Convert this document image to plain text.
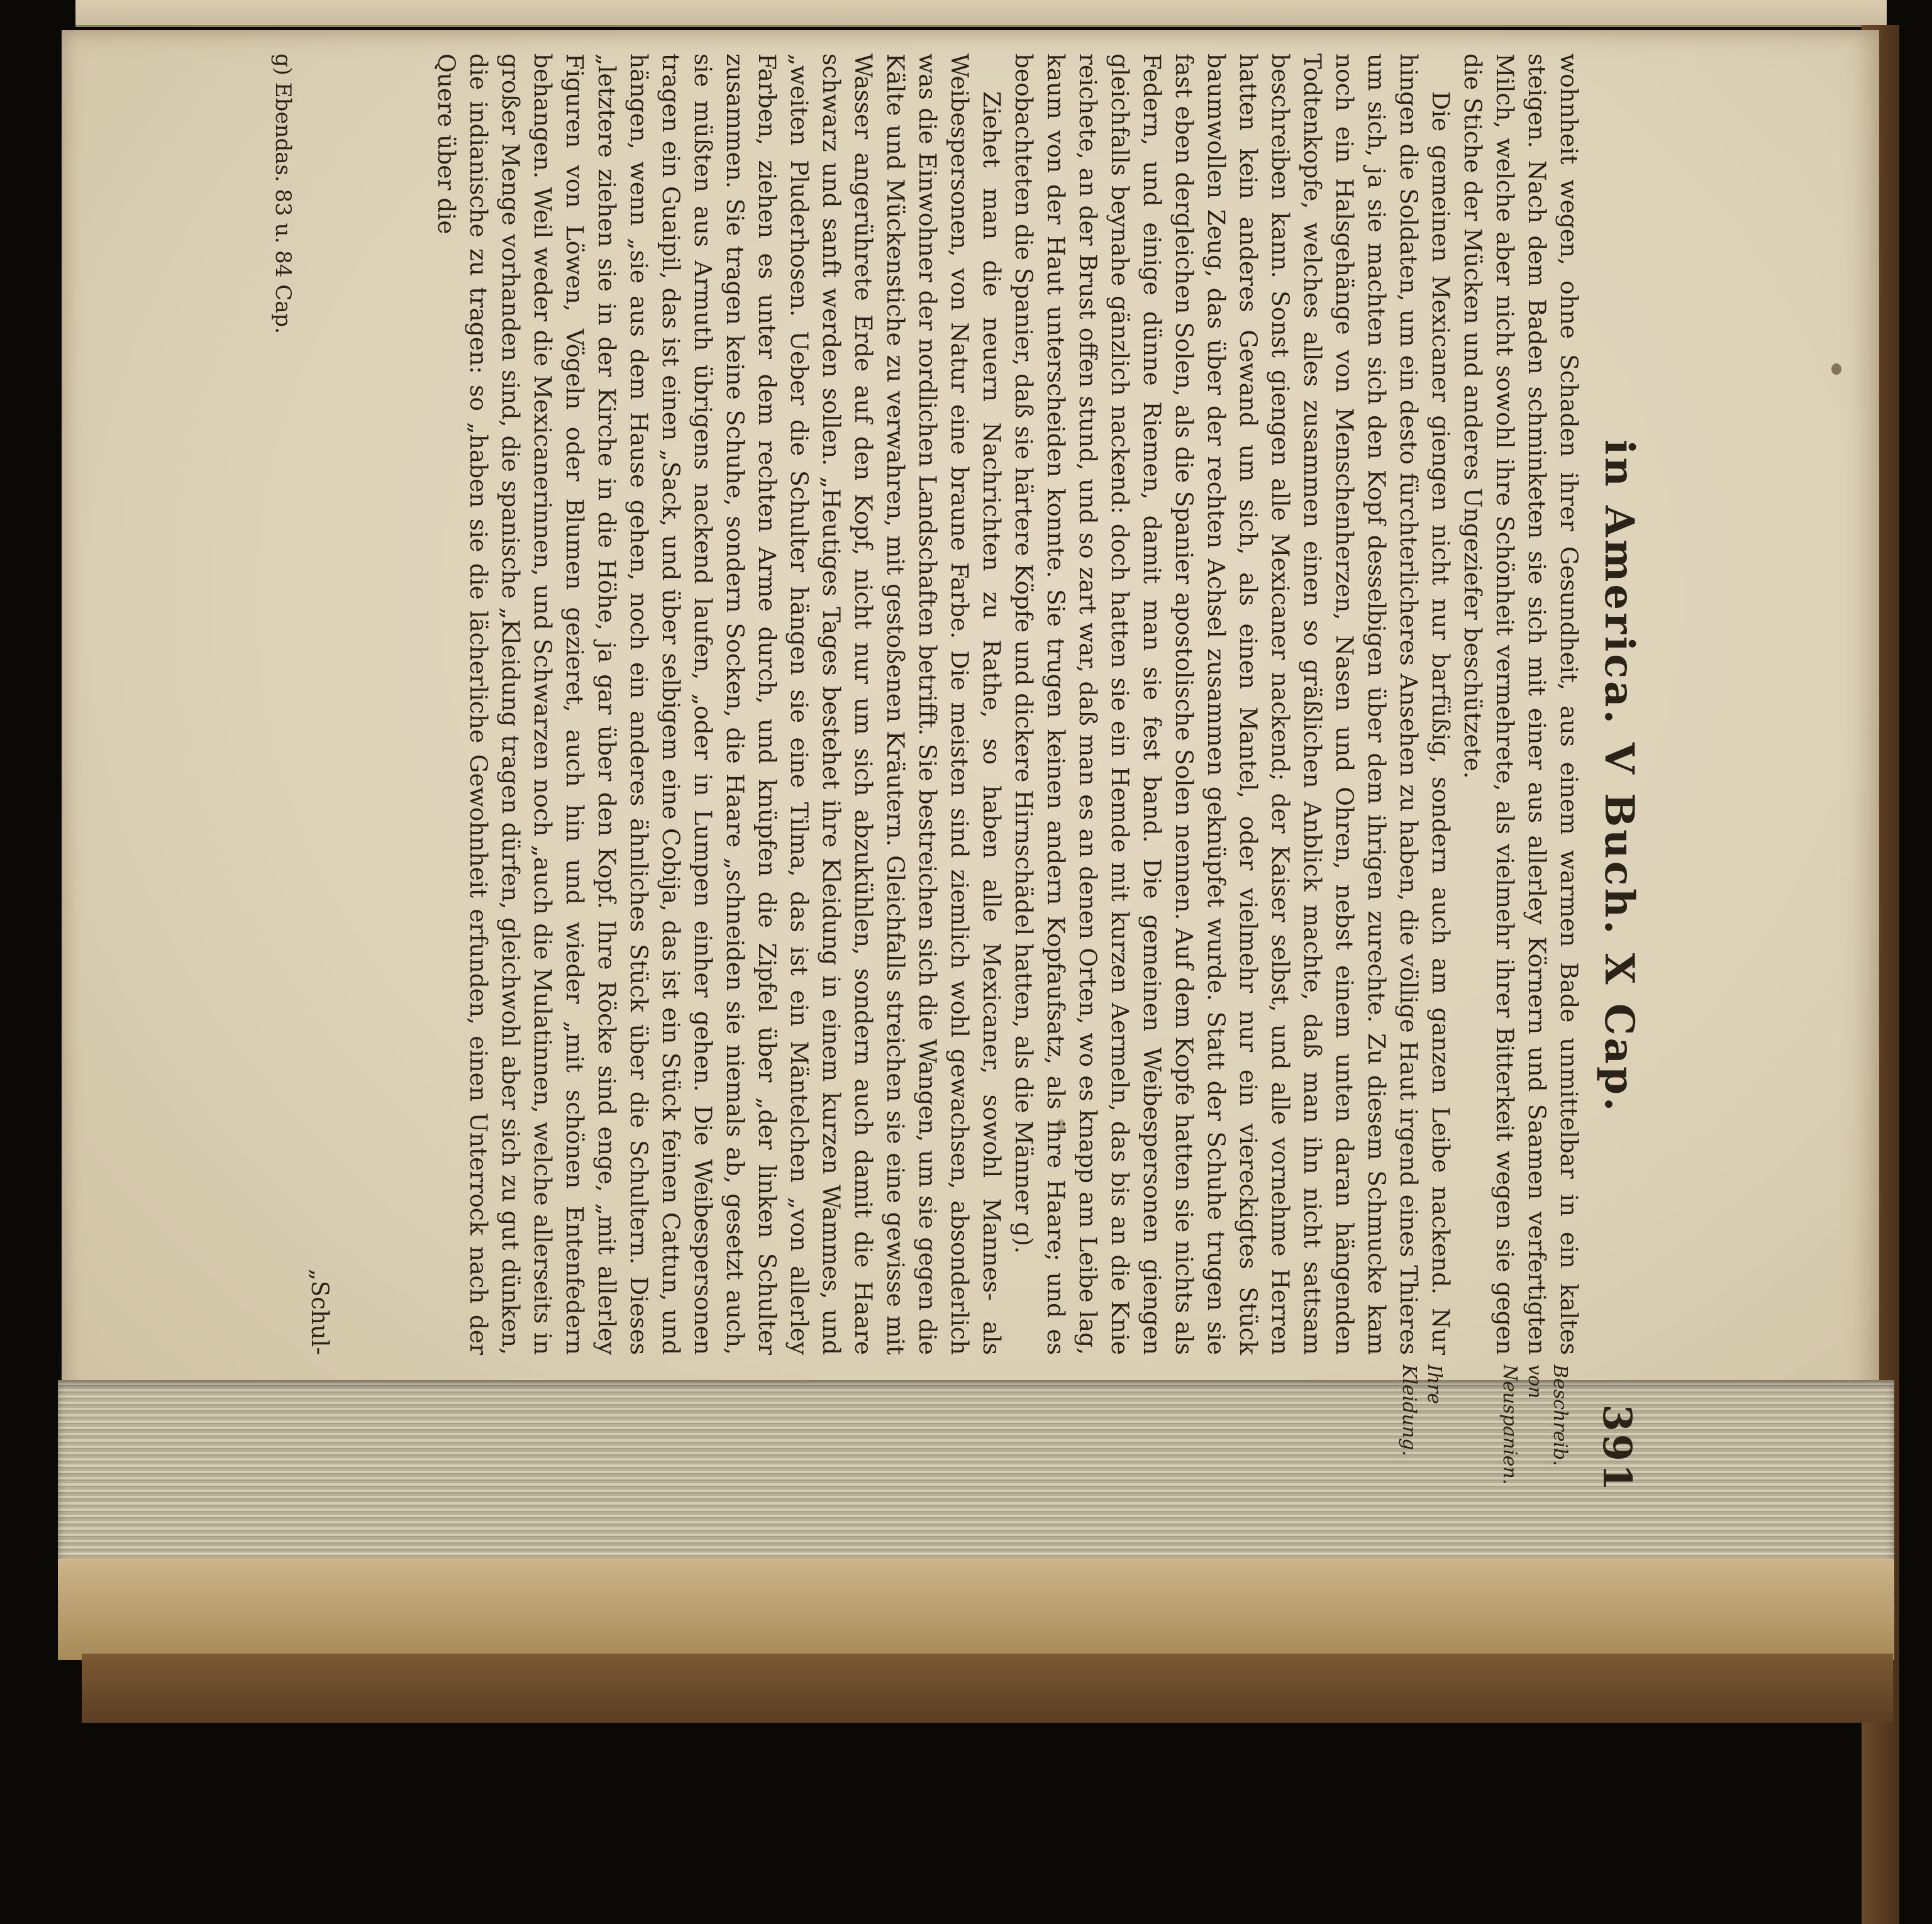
in America. V Buch. X Cap.
391
Beschreib. von Neuspanien.
Ihre Kleidung.

wohnheit wegen, ohne Schaden ihrer Gesundheit, aus einem warmen Bade unmittelbar in ein kaltes steigen. Nach dem Baden schminketen sie sich mit einer aus allerley Körnern und Saamen verfertigten Milch, welche aber nicht sowohl ihre Schönheit vermehrete, als vielmehr ihrer Bitterkeit wegen sie gegen die Stiche der Mücken und anderes Ungeziefer beschützete.

Die gemeinen Mexicaner giengen nicht nur barfüßig, sondern auch am ganzen Leibe nackend. Nur hingen die Soldaten, um ein desto fürchterlicheres Ansehen zu haben, die völlige Haut irgend eines Thieres um sich, ja sie machten sich den Kopf desselbigen über dem ihrigen zurechte. Zu diesem Schmucke kam noch ein Halsgehänge von Menschenherzen, Nasen und Ohren, nebst einem unten daran hängenden Todtenkopfe, welches alles zusammen einen so gräßlichen Anblick machte, daß man ihn nicht sattsam beschreiben kann. Sonst giengen alle Mexicaner nackend; der Kaiser selbst, und alle vornehme Herren hatten kein anderes Gewand um sich, als einen Mantel, oder vielmehr nur ein viereckigtes Stück baumwollen Zeug, das über der rechten Achsel zusammen geknüpfet wurde. Statt der Schuhe trugen sie fast eben dergleichen Solen, als die Spanier apostolische Solen nennen. Auf dem Kopfe hatten sie nichts als Federn, und einige dünne Riemen, damit man sie fest band. Die gemeinen Weibespersonen giengen gleichfalls beynahe gänzlich nackend: doch hatten sie ein Hemde mit kurzen Aermeln, das bis an die Knie reichete, an der Brust offen stund, und so zart war, daß man es an denen Orten, wo es knapp am Leibe lag, kaum von der Haut unterscheiden konnte. Sie trugen keinen andern Kopfaufsatz, als ihre Haare; und es beobachteten die Spanier, daß sie härtere Köpfe und dickere Hirnschädel hatten, als die Männer g).

Ziehet man die neuern Nachrichten zu Rathe, so haben alle Mexicaner, sowohl Mannes- als Weibespersonen, von Natur eine braune Farbe. Die meisten sind ziemlich wohl gewachsen, absonderlich was die Einwohner der nordlichen Landschaften betrifft. Sie bestreichen sich die Wangen, um sie gegen die Kälte und Mückenstiche zu verwahren, mit gestoßenen Kräutern. Gleichfalls streichen sie eine gewisse mit Wasser angerührete Erde auf den Kopf, nicht nur um sich abzukühlen, sondern auch damit die Haare schwarz und sanft werden sollen. „Heutiges Tages bestehet ihre Kleidung in einem kurzen Wammes, und „weiten Pluderhosen. Ueber die Schulter hängen sie eine Tilma, das ist ein Mäntelchen „von allerley Farben, ziehen es unter dem rechten Arme durch, und knüpfen die Zipfel über „der linken Schulter zusammen. Sie tragen keine Schuhe, sondern Socken, die Haare „schneiden sie niemals ab, gesetzt auch, sie müßten aus Armuth übrigens nackend laufen, „oder in Lumpen einher gehen. Die Weibespersonen tragen ein Guaipil, das ist einen „Sack, und über selbigem eine Cobija, das ist ein Stück feinen Cattun, und hängen, wenn „sie aus dem Hause gehen, noch ein anderes ähnliches Stück über die Schultern. Dieses „letztere ziehen sie in der Kirche in die Höhe, ja gar über den Kopf. Ihre Röcke sind enge, „mit allerley Figuren von Löwen, Vögeln oder Blumen gezieret, auch hin und wieder „mit schönen Entenfedern behangen. Weil weder die Mexicanerinnen, und Schwarzen noch „auch die Mulatinnen, welche allerseits in großer Menge vorhanden sind, die spanische „Kleidung tragen dürfen, gleichwohl aber sich zu gut dünken, die indianische zu tragen: so „haben sie die lächerliche Gewohnheit erfunden, einen Unterrock nach der Quere über die

„Schul-
g) Ebendas. 83 u. 84 Cap.
